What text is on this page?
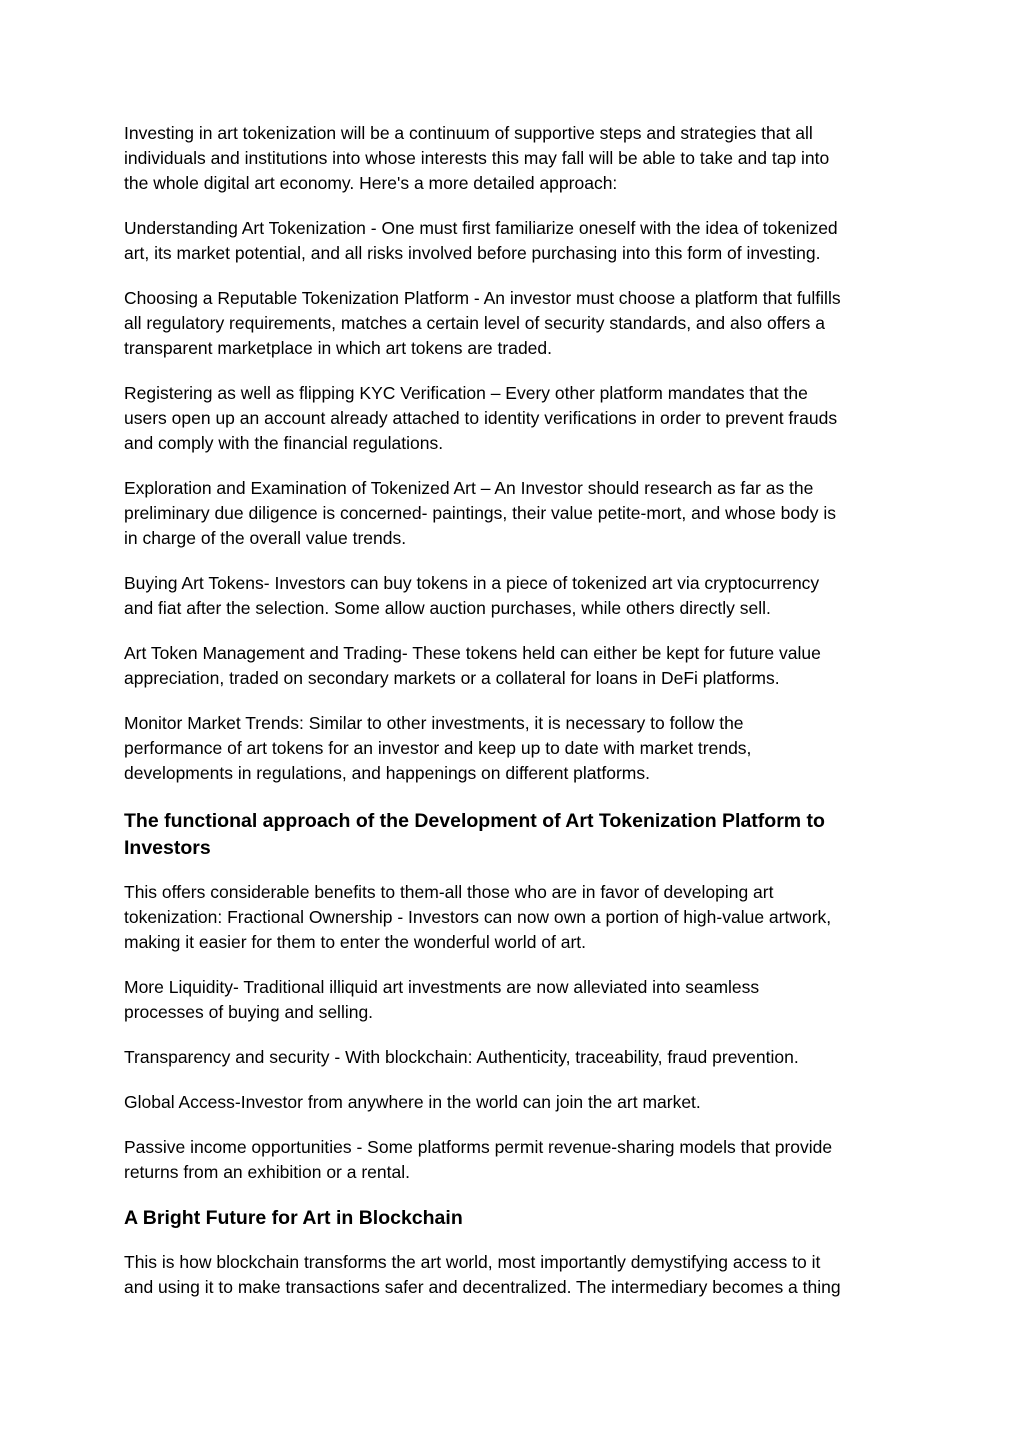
Investing in art tokenization will be a continuum of supportive steps and strategies that all
individuals and institutions into whose interests this may fall will be able to take and tap into
the whole digital art economy. Here's a more detailed approach:

Understanding Art Tokenization - One must first familiarize oneself with the idea of tokenized
art, its market potential, and all risks involved before purchasing into this form of investing.

Choosing a Reputable Tokenization Platform - An investor must choose a platform that fulfills
all regulatory requirements, matches a certain level of security standards, and also offers a
transparent marketplace in which art tokens are traded.

Registering as well as flipping KYC Verification – Every other platform mandates that the
users open up an account already attached to identity verifications in order to prevent frauds
and comply with the financial regulations.

Exploration and Examination of Tokenized Art – An Investor should research as far as the
preliminary due diligence is concerned- paintings, their value petite-mort, and whose body is
in charge of the overall value trends.

Buying Art Tokens- Investors can buy tokens in a piece of tokenized art via cryptocurrency
and fiat after the selection. Some allow auction purchases, while others directly sell.

Art Token Management and Trading- These tokens held can either be kept for future value
appreciation, traded on secondary markets or a collateral for loans in DeFi platforms.

Monitor Market Trends: Similar to other investments, it is necessary to follow the
performance of art tokens for an investor and keep up to date with market trends,
developments in regulations, and happenings on different platforms.

The functional approach of the Development of Art Tokenization Platform to
Investors

This offers considerable benefits to them-all those who are in favor of developing art
tokenization: Fractional Ownership - Investors can now own a portion of high-value artwork,
making it easier for them to enter the wonderful world of art.

More Liquidity- Traditional illiquid art investments are now alleviated into seamless
processes of buying and selling.

Transparency and security - With blockchain: Authenticity, traceability, fraud prevention.

Global Access-Investor from anywhere in the world can join the art market.

Passive income opportunities - Some platforms permit revenue-sharing models that provide
returns from an exhibition or a rental.

A Bright Future for Art in Blockchain

This is how blockchain transforms the art world, most importantly demystifying access to it
and using it to make transactions safer and decentralized. The intermediary becomes a thing
